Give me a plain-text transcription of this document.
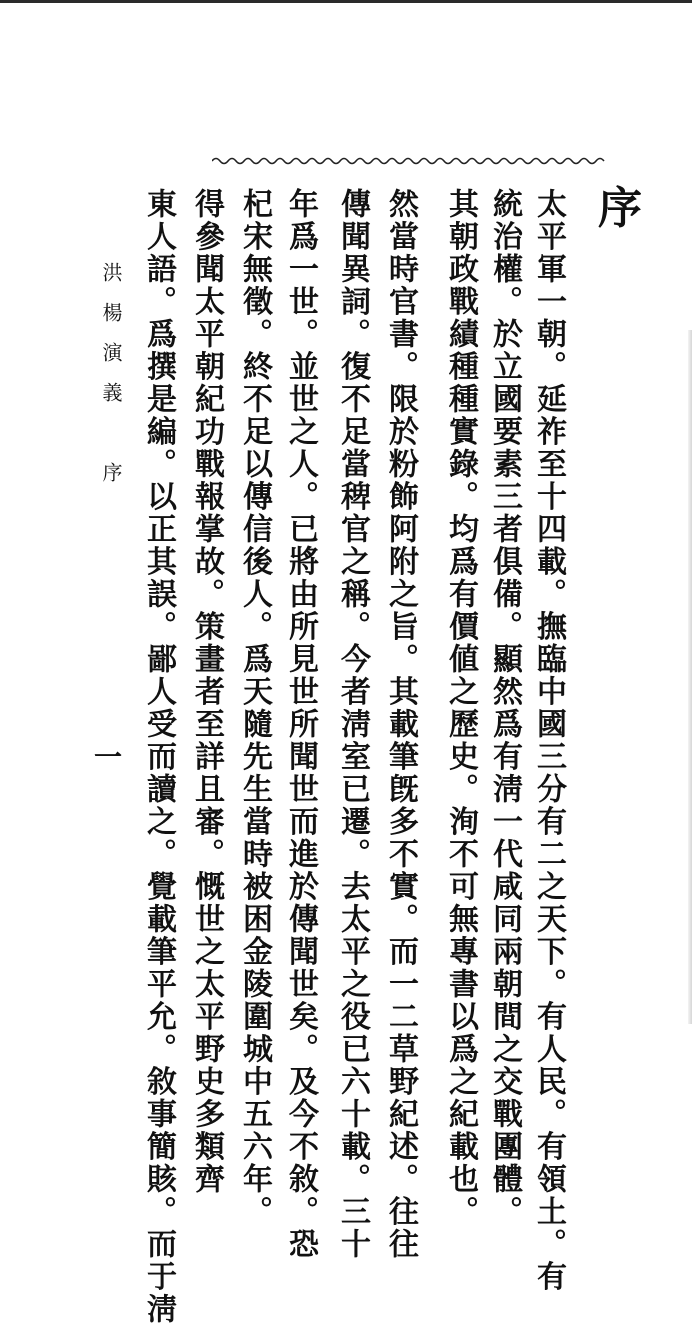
序
太平軍一朝。延祚至十四載。撫臨中國三分有二之天下。有人民。有領土。有
統治權。於立國要素三者俱備。顯然爲有淸一代咸同兩朝間之交戰團體。
其朝政戰績種種實錄。均爲有價値之歷史。洵不可無專書以爲之紀載也。
然當時官書。限於粉飾阿附之旨。其載筆旣多不實。而一二草野紀述。往往
傳聞異詞。復不足當稗官之稱。今者淸室已遷。去太平之役已六十載。三十
年爲一世。並世之人。已將由所見世所聞世而進於傳聞世矣。及今不敘。恐
杞宋無徵。終不足以傳信後人。爲天隨先生當時被困金陵圍城中五六年。
得參聞太平朝紀功戰報掌故。策畫者至詳且審。慨世之太平野史多類齊
東人語。爲撰是編。以正其誤。鄙人受而讀之。覺載筆平允。敘事簡賅。而于淸
洪楊演義　序
一
